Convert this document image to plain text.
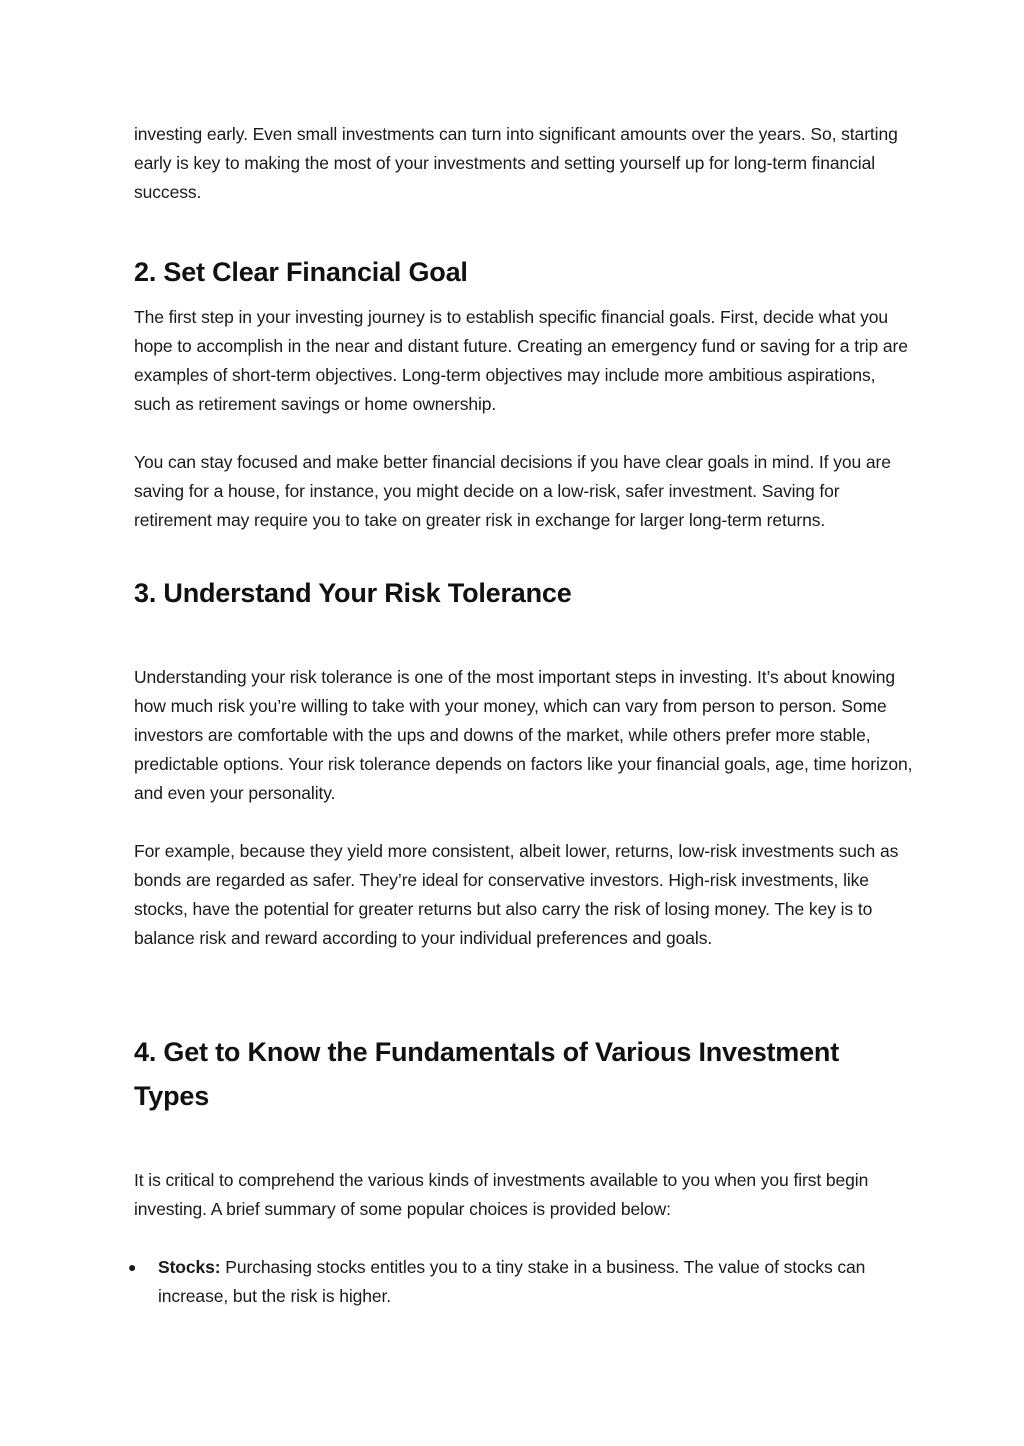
investing early. Even small investments can turn into significant amounts over the years. So, starting early is key to making the most of your investments and setting yourself up for long-term financial success.

2. Set Clear Financial Goal

The first step in your investing journey is to establish specific financial goals. First, decide what you hope to accomplish in the near and distant future. Creating an emergency fund or saving for a trip are examples of short-term objectives. Long-term objectives may include more ambitious aspirations, such as retirement savings or home ownership.

You can stay focused and make better financial decisions if you have clear goals in mind. If you are saving for a house, for instance, you might decide on a low-risk, safer investment. Saving for retirement may require you to take on greater risk in exchange for larger long-term returns.

3. Understand Your Risk Tolerance

Understanding your risk tolerance is one of the most important steps in investing. It’s about knowing how much risk you’re willing to take with your money, which can vary from person to person. Some investors are comfortable with the ups and downs of the market, while others prefer more stable, predictable options. Your risk tolerance depends on factors like your financial goals, age, time horizon, and even your personality.

For example, because they yield more consistent, albeit lower, returns, low-risk investments such as bonds are regarded as safer. They’re ideal for conservative investors. High-risk investments, like stocks, have the potential for greater returns but also carry the risk of losing money. The key is to balance risk and reward according to your individual preferences and goals.

4. Get to Know the Fundamentals of Various Investment Types

It is critical to comprehend the various kinds of investments available to you when you first begin investing. A brief summary of some popular choices is provided below:

● Stocks: Purchasing stocks entitles you to a tiny stake in a business. The value of stocks can increase, but the risk is higher.
